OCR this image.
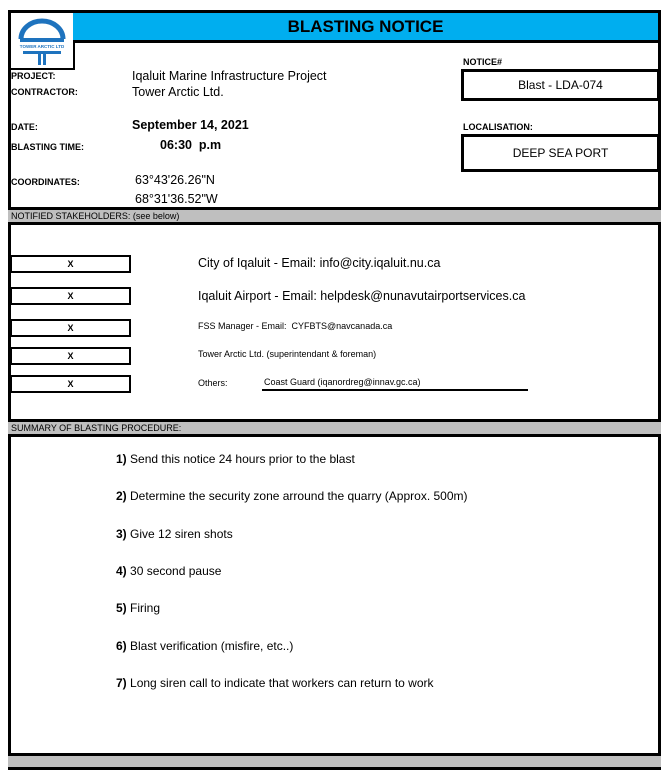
TOWER ARCTIC LTD
BLASTING NOTICE
PROJECT:	Iqaluit Marine Infrastructure Project
CONTRACTOR:	Tower Arctic Ltd.
DATE:	September 14, 2021
BLASTING TIME:	06:30  p.m
COORDINATES:	63°43'26.26"N
68°31'36.52"W
NOTICE#
Blast - LDA-074
LOCALISATION:
DEEP SEA PORT
NOTIFIED STAKEHOLDERS: (see below)
X	City of Iqaluit - Email: info@city.iqaluit.nu.ca
X	Iqaluit Airport - Email: helpdesk@nunavutairportservices.ca
X	FSS Manager - Email:  CYFBTS@navcanada.ca
X	Tower Arctic Ltd. (superintendant & foreman)
X	Others:	Coast Guard (iqanordreg@innav.gc.ca)
SUMMARY OF BLASTING PROCEDURE:
1) Send this notice 24 hours prior to the blast
2) Determine the security zone arround the quarry (Approx. 500m)
3) Give 12 siren shots
4) 30 second pause
5) Firing
6) Blast verification (misfire, etc..)
7) Long siren call to indicate that workers can return to work
